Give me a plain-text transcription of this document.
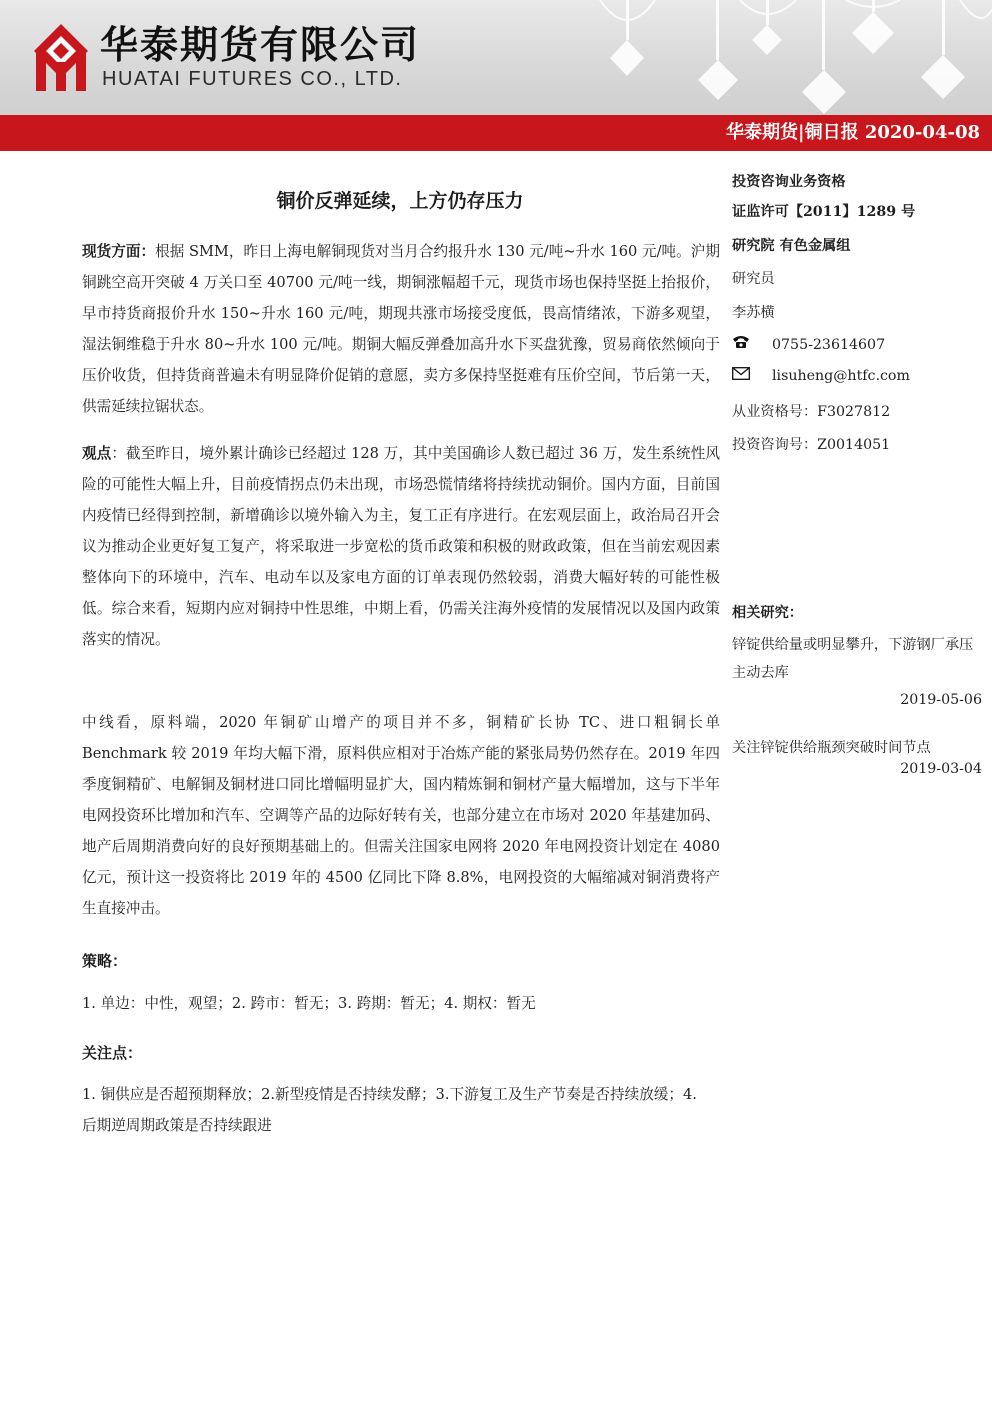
华泰期货有限公司
HUATAI FUTURES CO., LTD.
华泰期货|铜日报 2020-04-08
铜价反弹延续，上方仍存压力
现货方面：根据 SMM，昨日上海电解铜现货对当月合约报升水 130 元/吨~升水 160 元/吨。沪期铜跳空高开突破 4 万关口至 40700 元/吨一线，期铜涨幅超千元，现货市场也保持坚挺上抬报价，早市持货商报价升水 150~升水 160 元/吨，期现共涨市场接受度低，畏高情绪浓，下游多观望，湿法铜维稳于升水 80~升水 100 元/吨。期铜大幅反弹叠加高升水下买盘犹豫，贸易商依然倾向于压价收货，但持货商普遍未有明显降价促销的意愿，卖方多保持坚挺难有压价空间，节后第一天，供需延续拉锯状态。
观点：截至昨日，境外累计确诊已经超过 128 万，其中美国确诊人数已超过 36 万，发生系统性风险的可能性大幅上升，目前疫情拐点仍未出现，市场恐慌情绪将持续扰动铜价。国内方面，目前国内疫情已经得到控制，新增确诊以境外输入为主，复工正有序进行。在宏观层面上，政治局召开会议为推动企业更好复工复产，将采取进一步宽松的货币政策和积极的财政政策，但在当前宏观因素整体向下的环境中，汽车、电动车以及家电方面的订单表现仍然较弱，消费大幅好转的可能性极低。综合来看，短期内应对铜持中性思维，中期上看，仍需关注海外疫情的发展情况以及国内政策落实的情况。
中线看，原料端，2020 年铜矿山增产的项目并不多，铜精矿长协 TC、进口粗铜长单 Benchmark 较 2019 年均大幅下滑，原料供应相对于冶炼产能的紧张局势仍然存在。2019 年四季度铜精矿、电解铜及铜材进口同比增幅明显扩大，国内精炼铜和铜材产量大幅增加，这与下半年电网投资环比增加和汽车、空调等产品的边际好转有关，也部分建立在市场对 2020 年基建加码、地产后周期消费向好的良好预期基础上的。但需关注国家电网将 2020 年电网投资计划定在 4080 亿元，预计这一投资将比 2019 年的 4500 亿同比下降 8.8%，电网投资的大幅缩减对铜消费将产生直接冲击。
策略：
1. 单边：中性，观望；2. 跨市：暂无；3. 跨期：暂无；4. 期权：暂无
关注点：
1. 铜供应是否超预期释放；2.新型疫情是否持续发酵；3.下游复工及生产节奏是否持续放缓；4. 后期逆周期政策是否持续跟进
投资咨询业务资格
证监许可【2011】1289 号
研究院 有色金属组
研究员
李苏横
0755-23614607
lisuheng@htfc.com
从业资格号：F3027812
投资咨询号：Z0014051
相关研究：
锌锭供给量或明显攀升，下游钢厂承压主动去库
2019-05-06
关注锌锭供给瓶颈突破时间节点
2019-03-04
